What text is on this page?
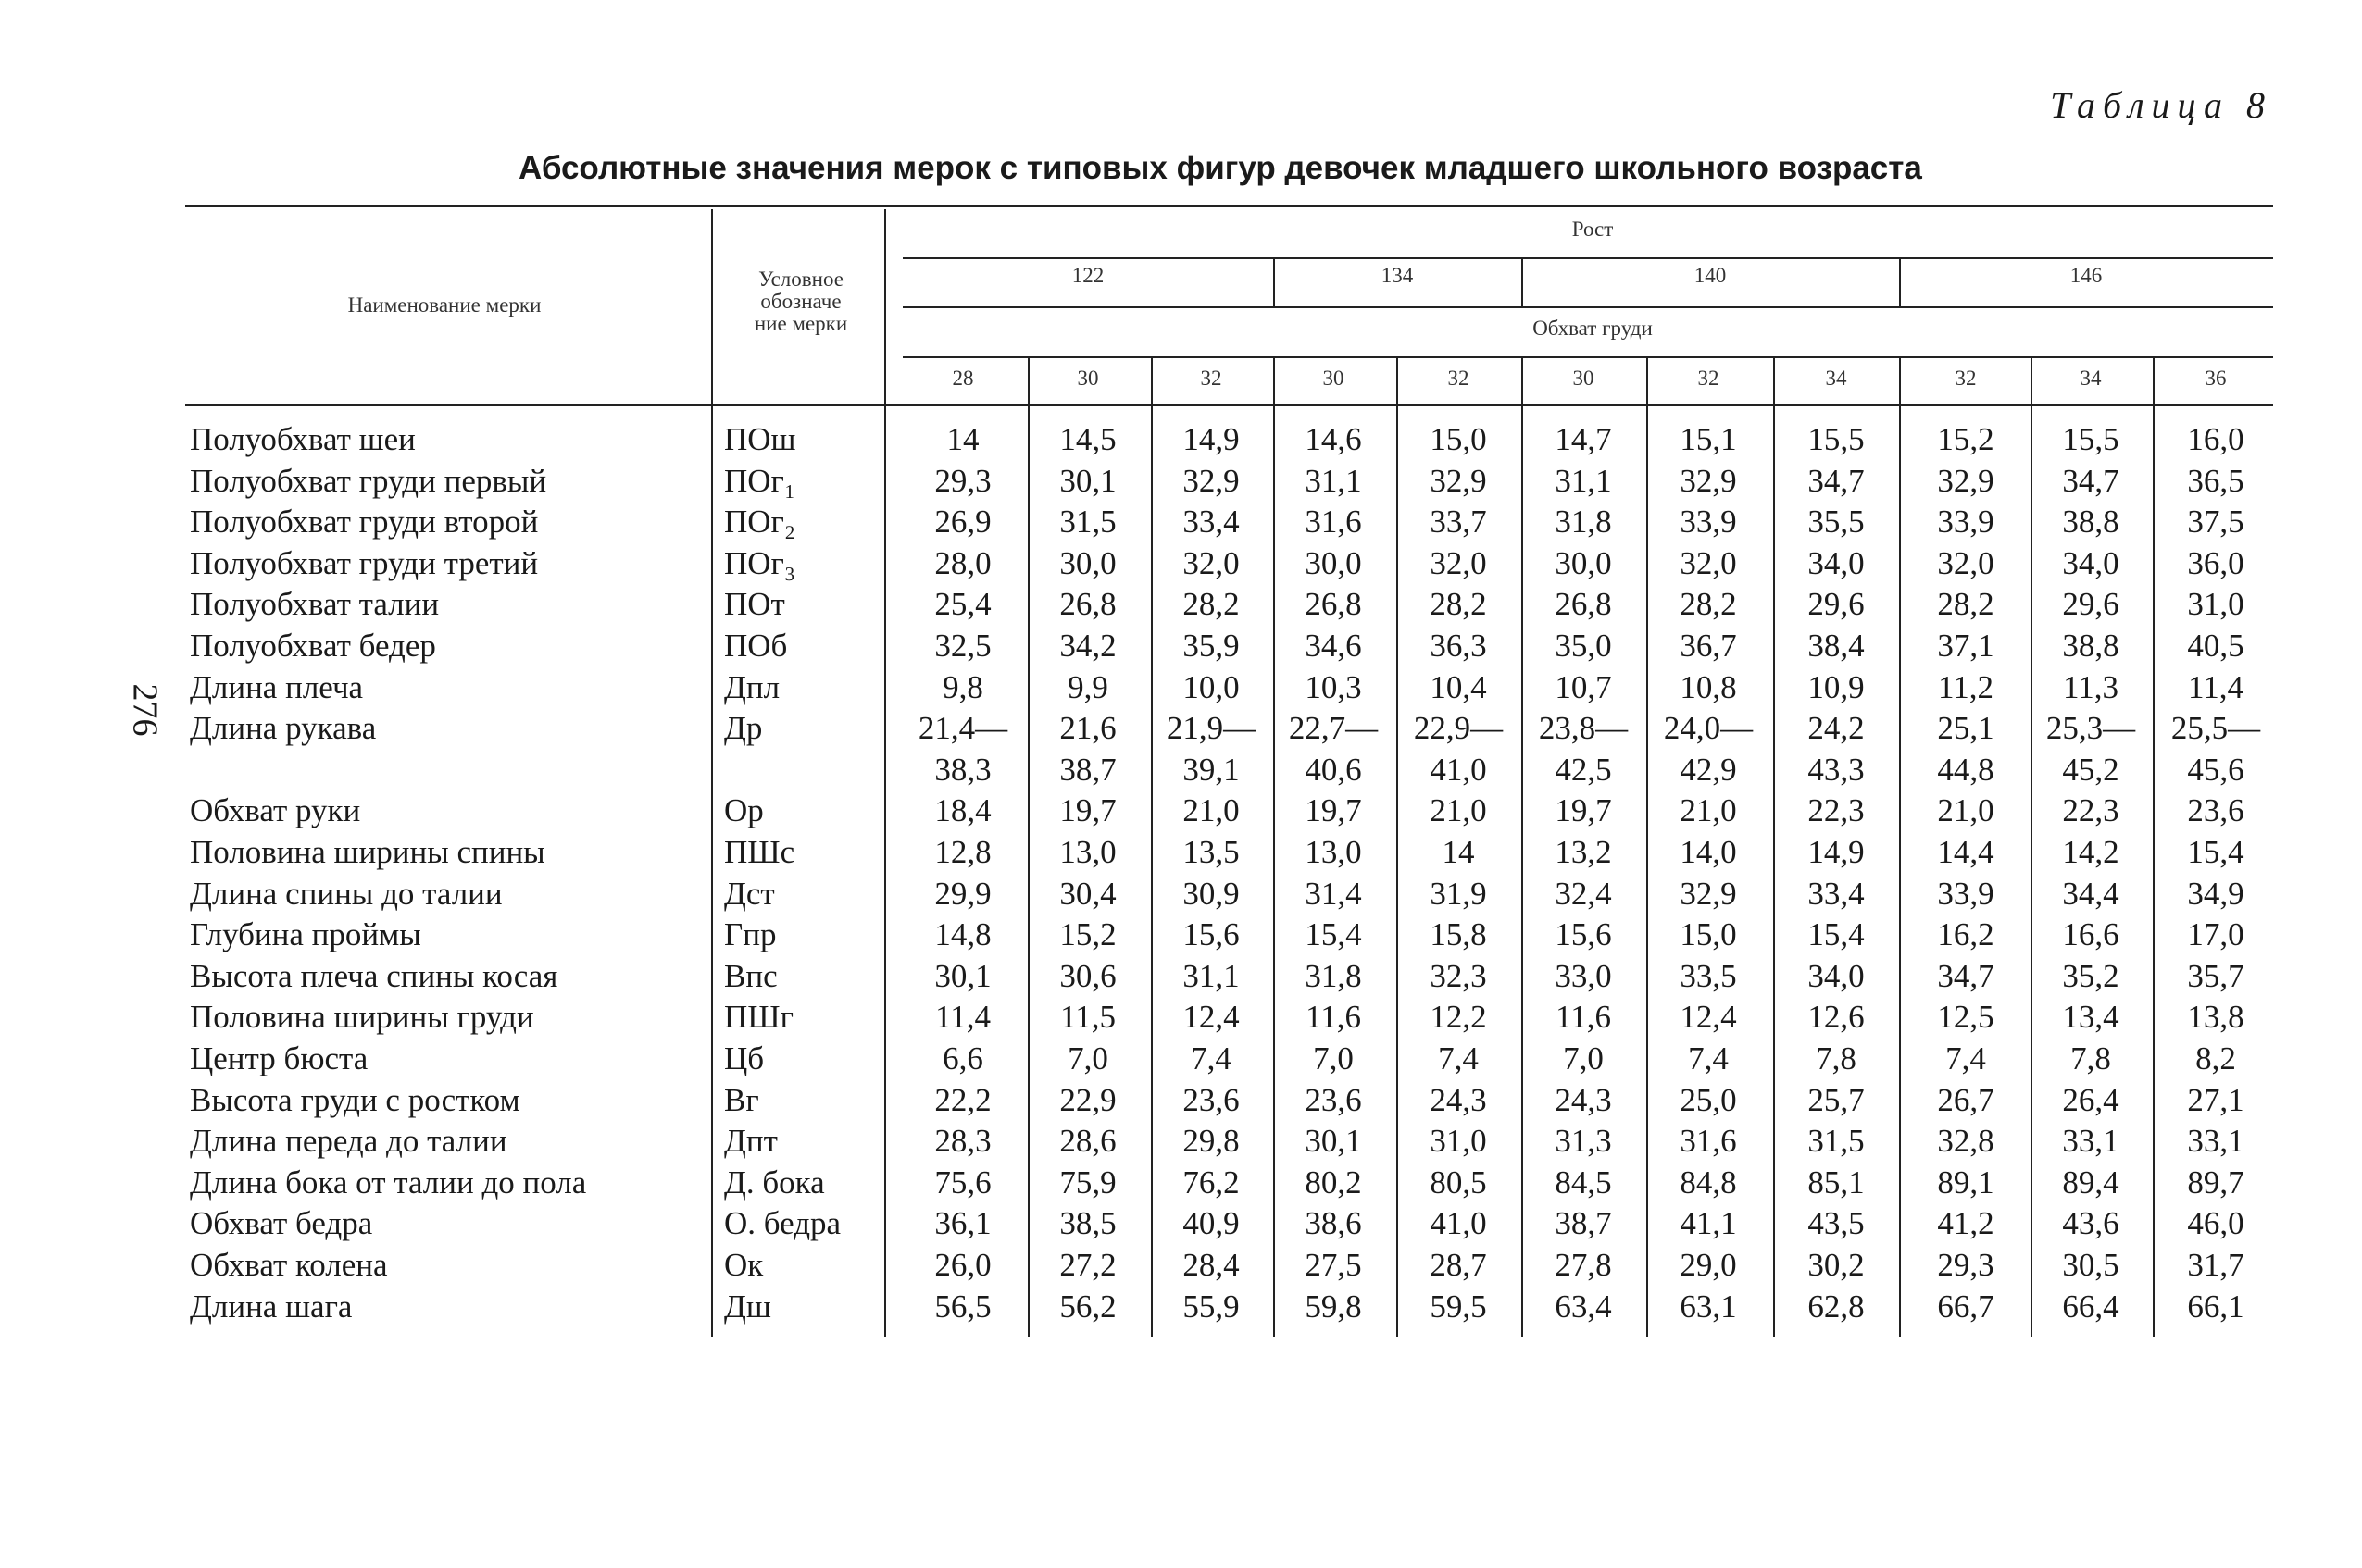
276
Таблица 8
Абсолютные значения мерок с типовых фигур девочек младшего школьного возраста
Наименование мерки
Условное
обозначе
ние мерки
Рост
Обхват груди
122	134	140	146
28	30	32	30	32	30	32	34	32	34	36
Полуобхват шеи	ПОш	14	14,5	14,9	14,6	15,0	14,7	15,1	15,5	15,2	15,5	16,0
Полуобхват груди первый	ПОг₁	29,3	30,1	32,9	31,1	32,9	31,1	32,9	34,7	32,9	34,7	36,5
Полуобхват груди второй	ПОг₂	26,9	31,5	33,4	31,6	33,7	31,8	33,9	35,5	33,9	38,8	37,5
Полуобхват груди третий	ПОг₃	28,0	30,0	32,0	30,0	32,0	30,0	32,0	34,0	32,0	34,0	36,0
Полуобхват талии	ПОт	25,4	26,8	28,2	26,8	28,2	26,8	28,2	29,6	28,2	29,6	31,0
Полуобхват бедер	ПОб	32,5	34,2	35,9	34,6	36,3	35,0	36,7	38,4	37,1	38,8	40,5
Длина плеча	Дпл	9,8	9,9	10,0	10,3	10,4	10,7	10,8	10,9	11,2	11,3	11,4
Длина рукава	Др	21,4—	21,6	21,9—	22,7—	22,9—	23,8—	24,0—	24,2	25,1	25,3—	25,5—
38,3	38,7	39,1	40,6	41,0	42,5	42,9	43,3	44,8	45,2	45,6
Обхват руки	Ор	18,4	19,7	21,0	19,7	21,0	19,7	21,0	22,3	21,0	22,3	23,6
Половина ширины спины	ПШс	12,8	13,0	13,5	13,0	14	13,2	14,0	14,9	14,4	14,2	15,4
Длина спины до талии	Дст	29,9	30,4	30,9	31,4	31,9	32,4	32,9	33,4	33,9	34,4	34,9
Глубина проймы	Гпр	14,8	15,2	15,6	15,4	15,8	15,6	15,0	15,4	16,2	16,6	17,0
Высота плеча спины косая	Впс	30,1	30,6	31,1	31,8	32,3	33,0	33,5	34,0	34,7	35,2	35,7
Половина ширины груди	ПШг	11,4	11,5	12,4	11,6	12,2	11,6	12,4	12,6	12,5	13,4	13,8
Центр бюста	Цб	6,6	7,0	7,4	7,0	7,4	7,0	7,4	7,8	7,4	7,8	8,2
Высота груди с ростком	Вг	22,2	22,9	23,6	23,6	24,3	24,3	25,0	25,7	26,7	26,4	27,1
Длина переда до талии	Дпт	28,3	28,6	29,8	30,1	31,0	31,3	31,6	31,5	32,8	33,1	33,1
Длина бока от талии до пола	Д. бока	75,6	75,9	76,2	80,2	80,5	84,5	84,8	85,1	89,1	89,4	89,7
Обхват бедра	О. бедра	36,1	38,5	40,9	38,6	41,0	38,7	41,1	43,5	41,2	43,6	46,0
Обхват колена	Ок	26,0	27,2	28,4	27,5	28,7	27,8	29,0	30,2	29,3	30,5	31,7
Длина шага	Дш	56,5	56,2	55,9	59,8	59,5	63,4	63,1	62,8	66,7	66,4	66,1
